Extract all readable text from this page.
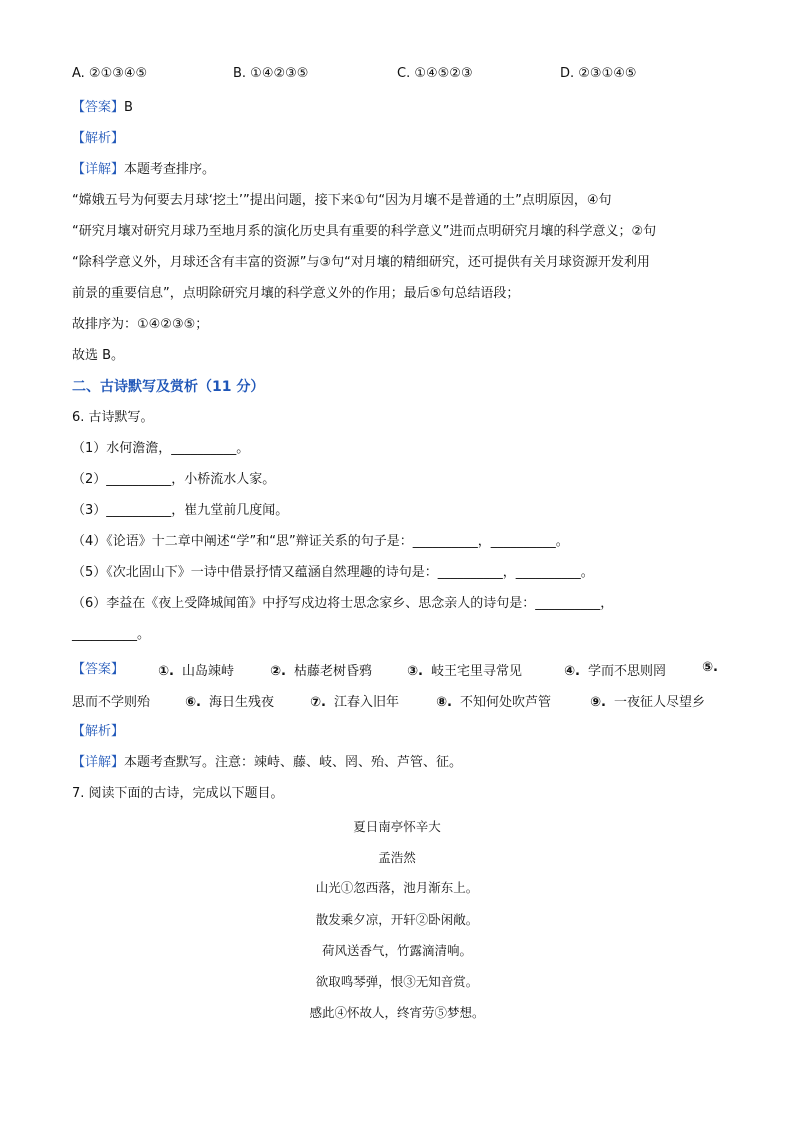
A. ②①③④⑤	B. ①④②③⑤	C. ①④⑤②③	D. ②③①④⑤
【答案】B
【解析】
【详解】本题考查排序。
“嫦娥五号为何要去月球‘挖土’”提出问题，接下来①句“因为月壤不是普通的土”点明原因，④句
“研究月壤对研究月球乃至地月系的演化历史具有重要的科学意义”进而点明研究月壤的科学意义；②句
“除科学意义外，月球还含有丰富的资源”与③句“对月壤的精细研究，还可提供有关月球资源开发利用
前景的重要信息”，点明除研究月壤的科学意义外的作用；最后⑤句总结语段；
故排序为：①④②③⑤；
故选 B。
二、古诗默写及赏析（11 分）
6. 古诗默写。
（1）水何澹澹，__________。
（2）__________，小桥流水人家。
（3）__________，崔九堂前几度闻。
（4）《论语》十二章中阐述“学”和“思”辩证关系的句子是：__________，__________。
（5）《次北固山下》一诗中借景抒情又蕴涵自然理趣的诗句是：__________，__________。
（6）李益在《夜上受降城闻笛》中抒写戍边将士思念家乡、思念亲人的诗句是：__________，
__________。
【答案】	①. 山岛竦峙	②. 枯藤老树昏鸦	③. 岐王宅里寻常见	④. 学而不思则罔	⑤.
思而不学则殆	⑥. 海日生残夜	⑦. 江春入旧年	⑧. 不知何处吹芦管	⑨. 一夜征人尽望乡
【解析】
【详解】本题考查默写。注意：竦峙、藤、岐、罔、殆、芦管、征。
7. 阅读下面的古诗，完成以下题目。
夏日南亭怀辛大
孟浩然
山光①忽西落，池月渐东上。
散发乘夕凉，开轩②卧闲敞。
荷风送香气，竹露滴清响。
欲取鸣琴弹，恨③无知音赏。
感此④怀故人，终宵劳⑤梦想。
